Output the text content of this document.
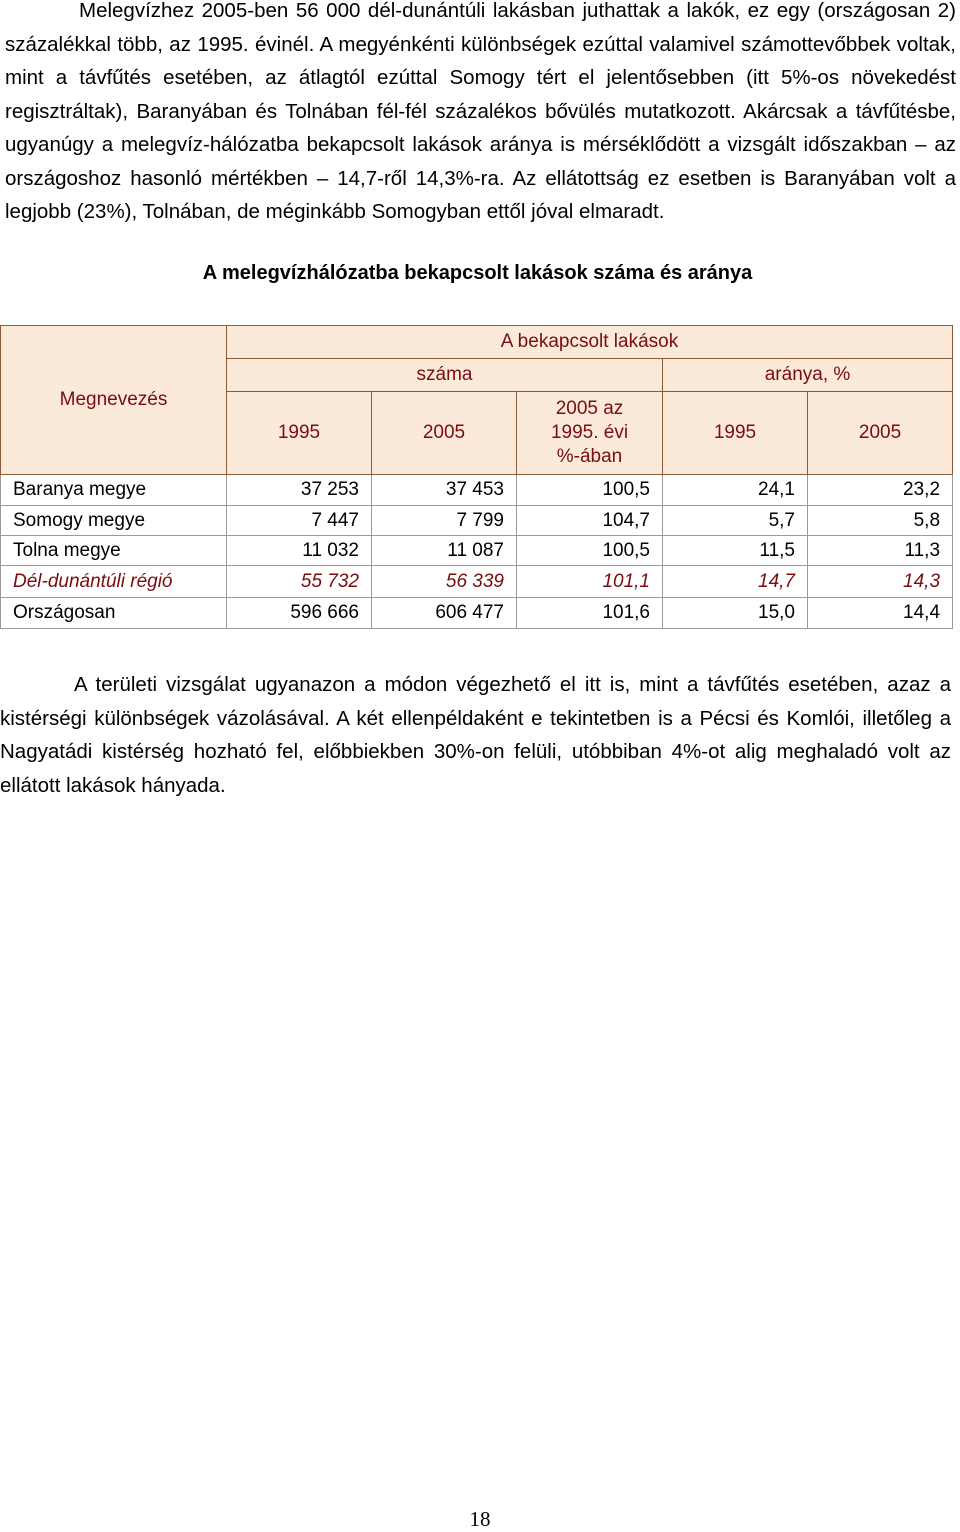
Melegvízhez 2005-ben 56 000 dél-dunántúli lakásban juthattak a lakók, ez egy (országosan 2) százalékkal több, az 1995. évinél. A megyénkénti különbségek ezúttal valamivel számottevőbbek voltak, mint a távfűtés esetében, az átlagtól ezúttal Somogy tért el jelentősebben (itt 5%-os növekedést regisztráltak), Baranyában és Tolnában fél-fél százalékos bővülés mutatkozott. Akárcsak a távfűtésbe, ugyanúgy a melegvíz-hálózatba bekapcsolt lakások aránya is mérséklődött a vizsgált időszakban – az országoshoz hasonló mértékben – 14,7-ről 14,3%-ra. Az ellátottság ez esetben is Baranyában volt a legjobb (23%), Tolnában, de méginkább Somogyban ettől jóval elmaradt.

A melegvízhálózatba bekapcsolt lakások száma és aránya

Megnevezés	A bekapcsolt lakások				
	száma			aránya, %	
	1995	2005	2005 az 1995. évi %-ában	1995	2005
Baranya megye	37 253	37 453	100,5	24,1	23,2
Somogy megye	7 447	7 799	104,7	5,7	5,8
Tolna megye	11 032	11 087	100,5	11,5	11,3
Dél-dunántúli régió	55 732	56 339	101,1	14,7	14,3
Országosan	596 666	606 477	101,6	15,0	14,4

A területi vizsgálat ugyanazon a módon végezhető el itt is, mint a távfűtés esetében, azaz a kistérségi különbségek vázolásával. A két ellenpéldaként e tekintetben is a Pécsi és Komlói, illetőleg a Nagyatádi kistérség hozható fel, előbbiekben 30%-on felüli, utóbbiban 4%-ot alig meghaladó volt az ellátott lakások hányada.

18
